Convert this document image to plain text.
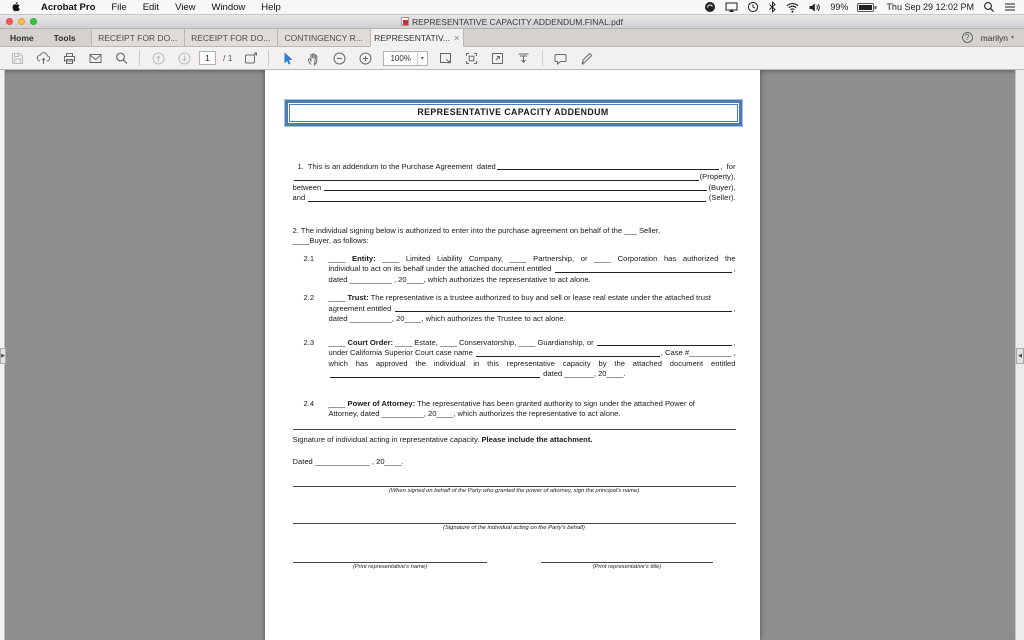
Acrobat Pro	File	Edit	View	Window	Help	99%	Thu Sep 29 12:02 PM
REPRESENTATIVE CAPACITY ADDENDUM.FINAL.pdf
Home	Tools	RECEIPT FOR DO... RECEIPT FOR DO... CONTINGENCY R... REPRESENTATIV... ×	?	marilyn ▾
1
/ 1	100%	▾
▶
REPRESENTATIVE CAPACITY ADDENDUM
1.  This is an addendum to the Purchase Agreement  dated	,  for
(Property),
between	(Buyer),
and	(Seller).
2. The individual signing below is authorized to enter into the purchase agreement on behalf of the ___ Seller,
____Buyer, as follows:
2.1	____ Entity: ____ Limited Liability Company, ____ Partnership, or ____ Corporation has authorized the
individual to act on its behalf under the attached document entitled	,
dated __________ , 20____, which authorizes the representative to act alone.
2.2	____ Trust: The representative is a trustee authorized to buy and sell or lease real estate under the attached trust
agreement entitled	,
dated __________, 20____, which authorizes the Trustee to act alone.
2.3	____ Court Order: ____ Estate, ____ Conservatorship, ____ Guardianship, or	,
under California Superior Court case name	, Case #__________ ,
which has approved the individual in this representative capacity by the attached document entitled
dated _______, 20____.
2.4	____ Power of Attorney: The representative has been granted authority to sign under the attached Power of
Attorney, dated __________, 20____, which authorizes the representative to act alone.
Signature of individual acting in representative capacity. Please include the attachment.
Dated _____________ , 20____.
(When signed on behalf of the Party who granted the power of attorney, sign the principal's name)
(Signature of the individual acting on the Party's behalf)
(Print representative's name)	(Print representative's title)
◀
